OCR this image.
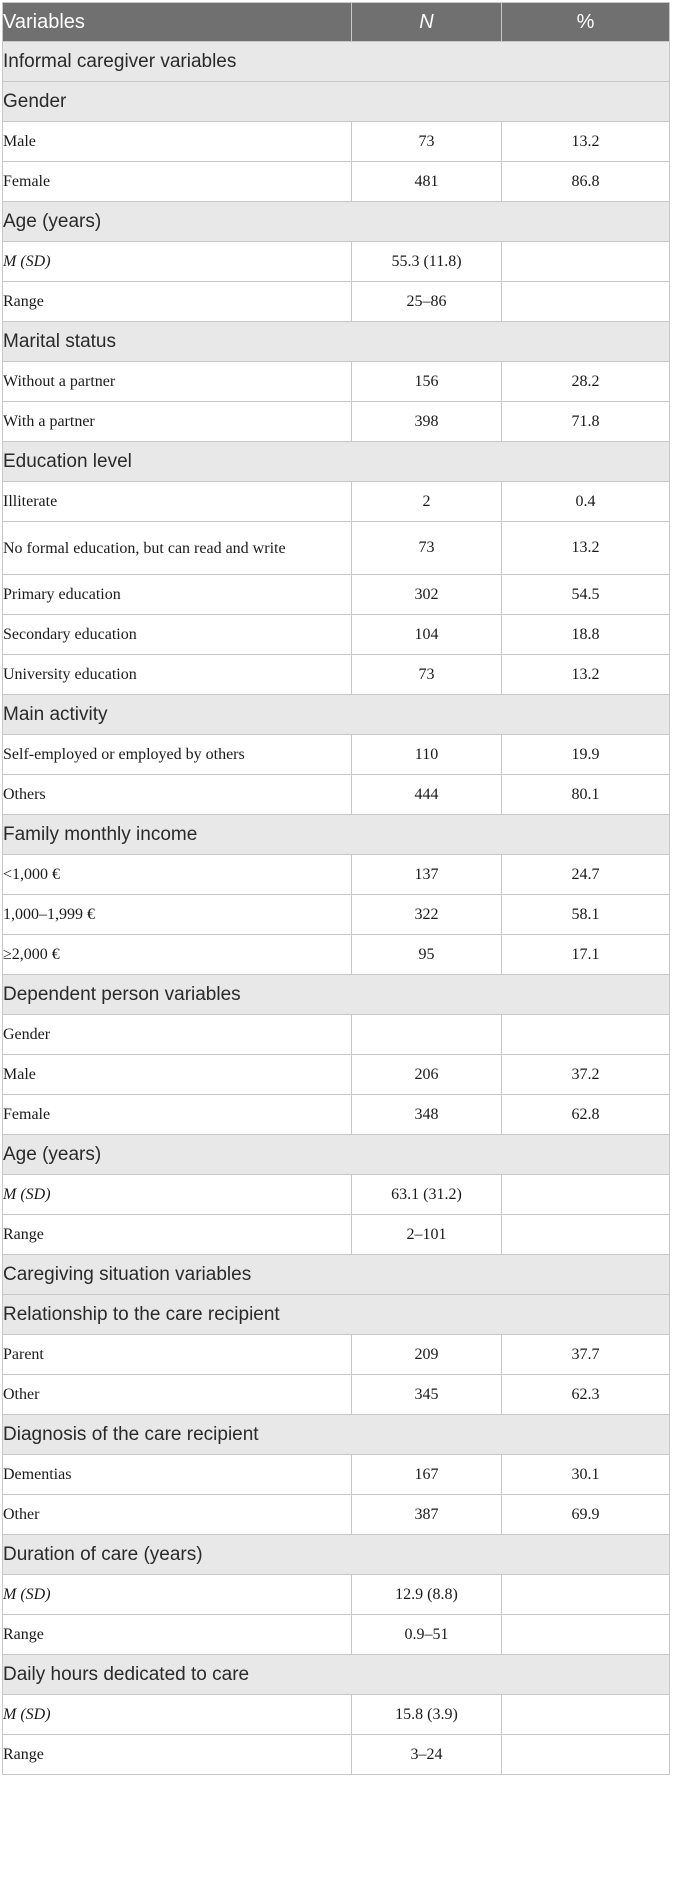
Variables	N	%
Informal caregiver variables		
Gender		
Male	73	13.2
Female	481	86.8
Age (years)		
M (SD)	55.3 (11.8)	
Range	25–86	
Marital status		
Without a partner	156	28.2
With a partner	398	71.8
Education level		
Illiterate	2	0.4
No formal education, but can read and write	73	13.2
Primary education	302	54.5
Secondary education	104	18.8
University education	73	13.2
Main activity		
Self-employed or employed by others	110	19.9
Others	444	80.1
Family monthly income		
<1,000 €	137	24.7
1,000–1,999 €	322	58.1
≥2,000 €	95	17.1
Dependent person variables		
Gender		
Male	206	37.2
Female	348	62.8
Age (years)		
M (SD)	63.1 (31.2)	
Range	2–101	
Caregiving situation variables		
Relationship to the care recipient		
Parent	209	37.7
Other	345	62.3
Diagnosis of the care recipient		
Dementias	167	30.1
Other	387	69.9
Duration of care (years)		
M (SD)	12.9 (8.8)	
Range	0.9–51	
Daily hours dedicated to care		
M (SD)	15.8 (3.9)	
Range	3–24	
